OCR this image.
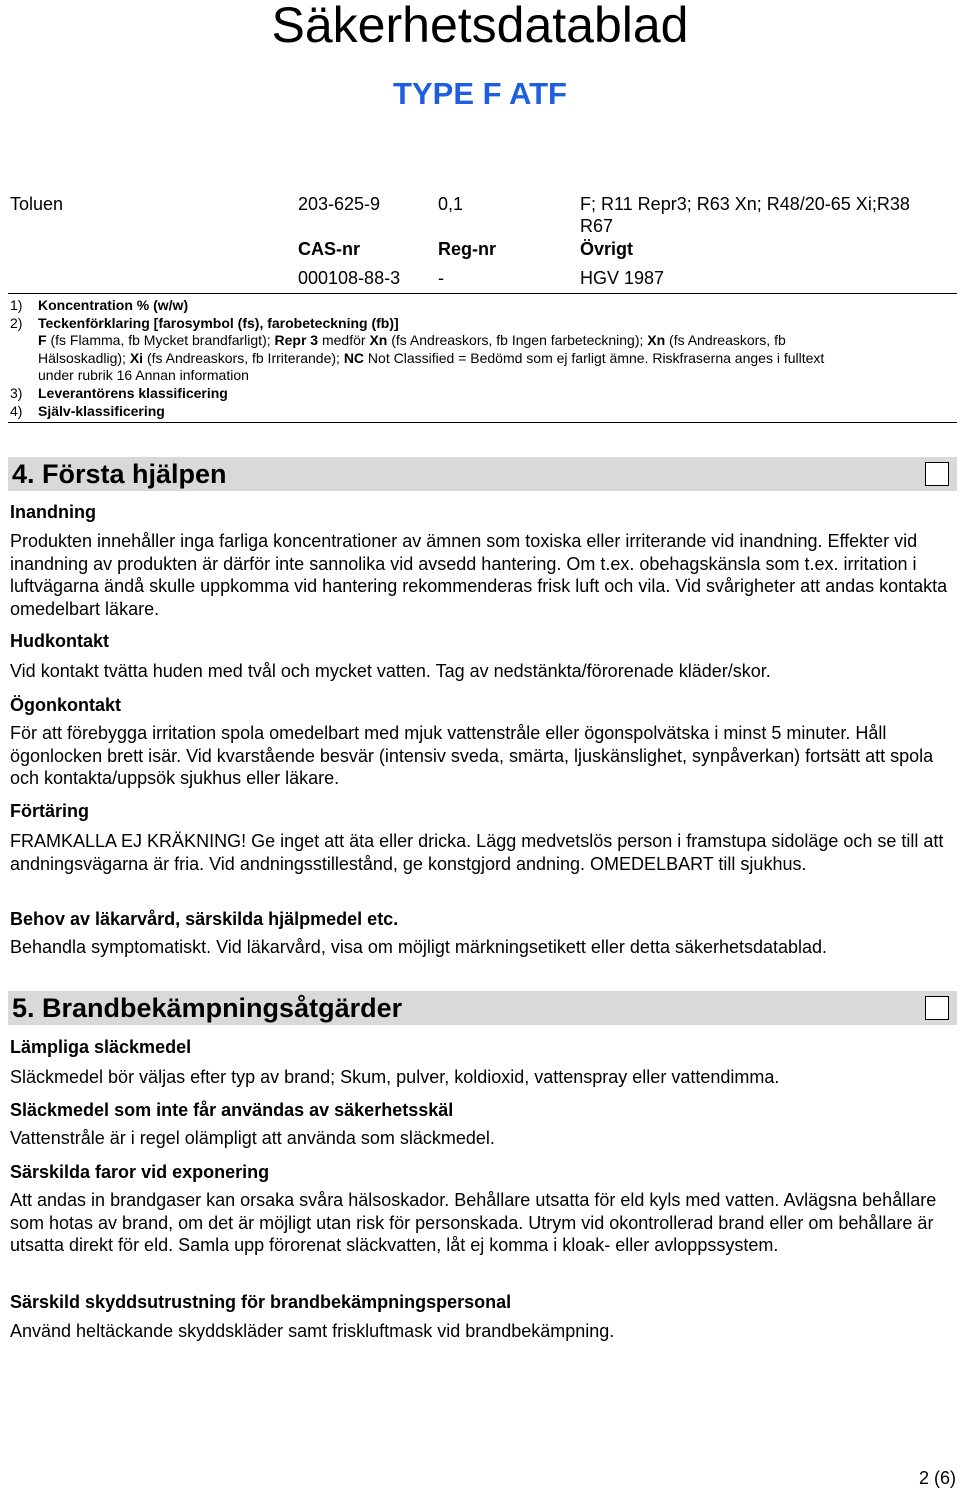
Säkerhetsdatablad
TYPE F ATF
Toluen	203-625-9	0,1	F; R11 Repr3; R63 Xn; R48/20-65 Xi;R38
R67
CAS-nr	Reg-nr	Övrigt
000108-88-3 -	HGV 1987
1) Koncentration % (w/w)
2) Teckenförklaring [farosymbol (fs), farobeteckning (fb)]
F (fs Flamma, fb Mycket brandfarligt); Repr 3 medför Xn (fs Andreaskors, fb Ingen farbeteckning); Xn (fs Andreaskors, fb
Hälsoskadlig); Xi (fs Andreaskors, fb Irriterande); NC Not Classified = Bedömd som ej farligt ämne. Riskfraserna anges i fulltext
under rubrik 16 Annan information
3) Leverantörens klassificering
4) Själv-klassificering
4. Första hjälpen
Inandning
Produkten innehåller inga farliga koncentrationer av ämnen som toxiska eller irriterande vid inandning. Effekter vid inandning av produkten är därför inte sannolika vid avsedd hantering. Om t.ex. obehagskänsla som t.ex. irritation i luftvägarna ändå skulle uppkomma vid hantering rekommenderas frisk luft och vila. Vid svårigheter att andas kontakta omedelbart läkare.
Hudkontakt
Vid kontakt tvätta huden med tvål och mycket vatten. Tag av nedstänkta/förorenade kläder/skor.
Ögonkontakt
För att förebygga irritation spola omedelbart med mjuk vattenstråle eller ögonspolvätska i minst 5 minuter. Håll ögonlocken brett isär. Vid kvarstående besvär (intensiv sveda, smärta, ljuskänslighet, synpåverkan) fortsätt att spola och kontakta/uppsök sjukhus eller läkare.
Förtäring
FRAMKALLA EJ KRÄKNING! Ge inget att äta eller dricka. Lägg medvetslös person i framstupa sidoläge och se till att andningsvägarna är fria. Vid andningsstillestånd, ge konstgjord andning. OMEDELBART till sjukhus.
Behov av läkarvård, särskilda hjälpmedel etc.
Behandla symptomatiskt. Vid läkarvård, visa om möjligt märkningsetikett eller detta säkerhetsdatablad.
5. Brandbekämpningsåtgärder
Lämpliga släckmedel
Släckmedel bör väljas efter typ av brand; Skum, pulver, koldioxid, vattenspray eller vattendimma.
Släckmedel som inte får användas av säkerhetsskäl
Vattenstråle är i regel olämpligt att använda som släckmedel.
Särskilda faror vid exponering
Att andas in brandgaser kan orsaka svåra hälsoskador. Behållare utsatta för eld kyls med vatten. Avlägsna behållare som hotas av brand, om det är möjligt utan risk för personskada. Utrym vid okontrollerad brand eller om behållare är utsatta direkt för eld. Samla upp förorenat släckvatten, låt ej komma i kloak- eller avloppssystem.
Särskild skyddsutrustning för brandbekämpningspersonal
Använd heltäckande skyddskläder samt friskluftmask vid brandbekämpning.
2 (6)
